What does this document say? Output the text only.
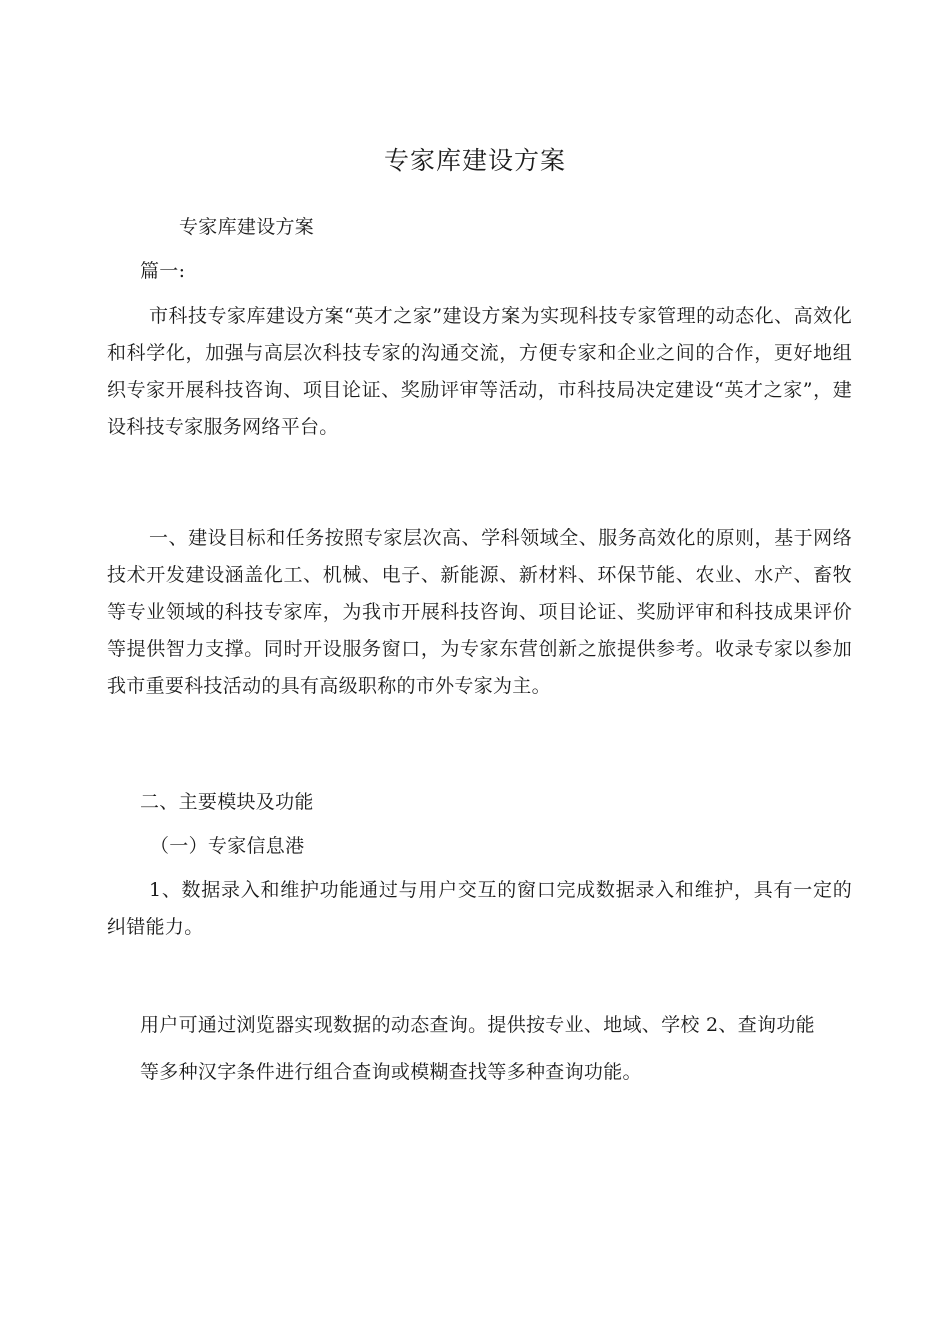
专家库建设方案
专家库建设方案
篇一:
市科技专家库建设方案“英才之家”建设方案为实现科技专家管理的动态化、高效化和科学化，加强与高层次科技专家的沟通交流，方便专家和企业之间的合作，更好地组织专家开展科技咨询、项目论证、奖励评审等活动，市科技局决定建设“英才之家”，建设科技专家服务网络平台。
一、建设目标和任务按照专家层次高、学科领域全、服务高效化的原则，基于网络技术开发建设涵盖化工、机械、电子、新能源、新材料、环保节能、农业、水产、畜牧等专业领域的科技专家库，为我市开展科技咨询、项目论证、奖励评审和科技成果评价等提供智力支撑。同时开设服务窗口，为专家东营创新之旅提供参考。收录专家以参加我市重要科技活动的具有高级职称的市外专家为主。
二、主要模块及功能
（一）专家信息港
1、数据录入和维护功能通过与用户交互的窗口完成数据录入和维护，具有一定的纠错能力。
用户可通过浏览器实现数据的动态查询。提供按专业、地域、学校 2、查询功能
等多种汉字条件进行组合查询或模糊查找等多种查询功能。
